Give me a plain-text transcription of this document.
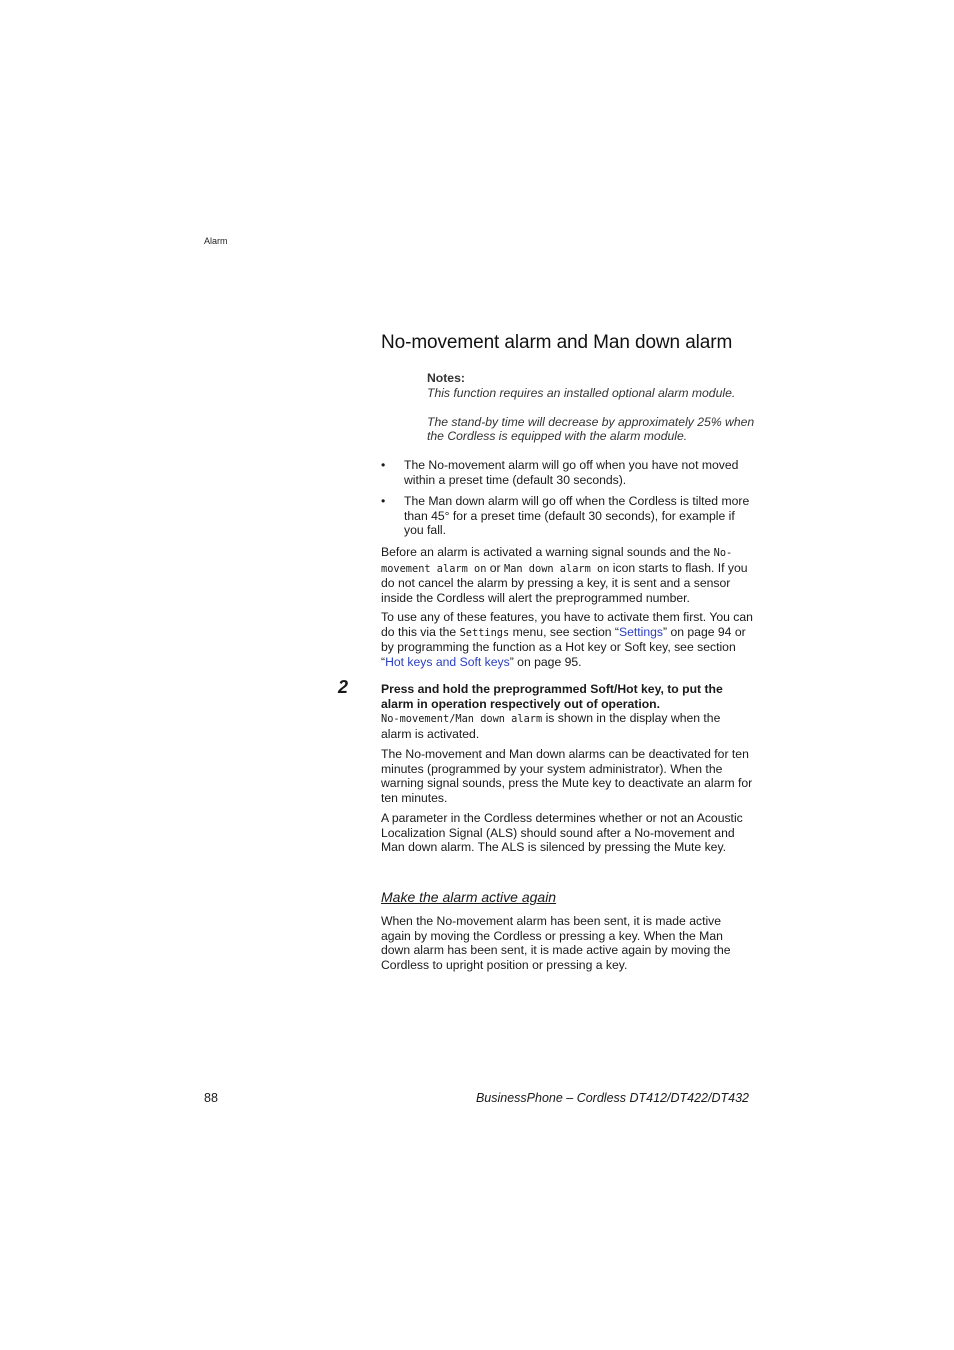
Alarm
No-movement alarm and Man down alarm
Notes:
This function requires an installed optional alarm module.
The stand-by time will decrease by approximately 25% when the Cordless is equipped with the alarm module.
• The No-movement alarm will go off when you have not moved within a preset time (default 30 seconds).
• The Man down alarm will go off when the Cordless is tilted more than 45° for a preset time (default 30 seconds), for example if you fall.

Before an alarm is activated a warning signal sounds and the No-movement alarm on or Man down alarm on icon starts to flash. If you do not cancel the alarm by pressing a key, it is sent and a sensor inside the Cordless will alert the preprogrammed number.

To use any of these features, you have to activate them first. You can do this via the Settings menu, see section “Settings” on page 94 or by programming the function as a Hot key or Soft key, see section “Hot keys and Soft keys” on page 95.

2	Press and hold the preprogrammed Soft/Hot key, to put the alarm in operation respectively out of operation.

No-movement/Man down alarm is shown in the display when the alarm is activated.

The No-movement and Man down alarms can be deactivated for ten minutes (programmed by your system administrator). When the warning signal sounds, press the Mute key to deactivate an alarm for ten minutes.

A parameter in the Cordless determines whether or not an Acoustic Localization Signal (ALS) should sound after a No-movement and Man down alarm. The ALS is silenced by pressing the Mute key.

Make the alarm active again

When the No-movement alarm has been sent, it is made active again by moving the Cordless or pressing a key. When the Man down alarm has been sent, it is made active again by moving the Cordless to upright position or pressing a key.

88	BusinessPhone – Cordless DT412/DT422/DT432
